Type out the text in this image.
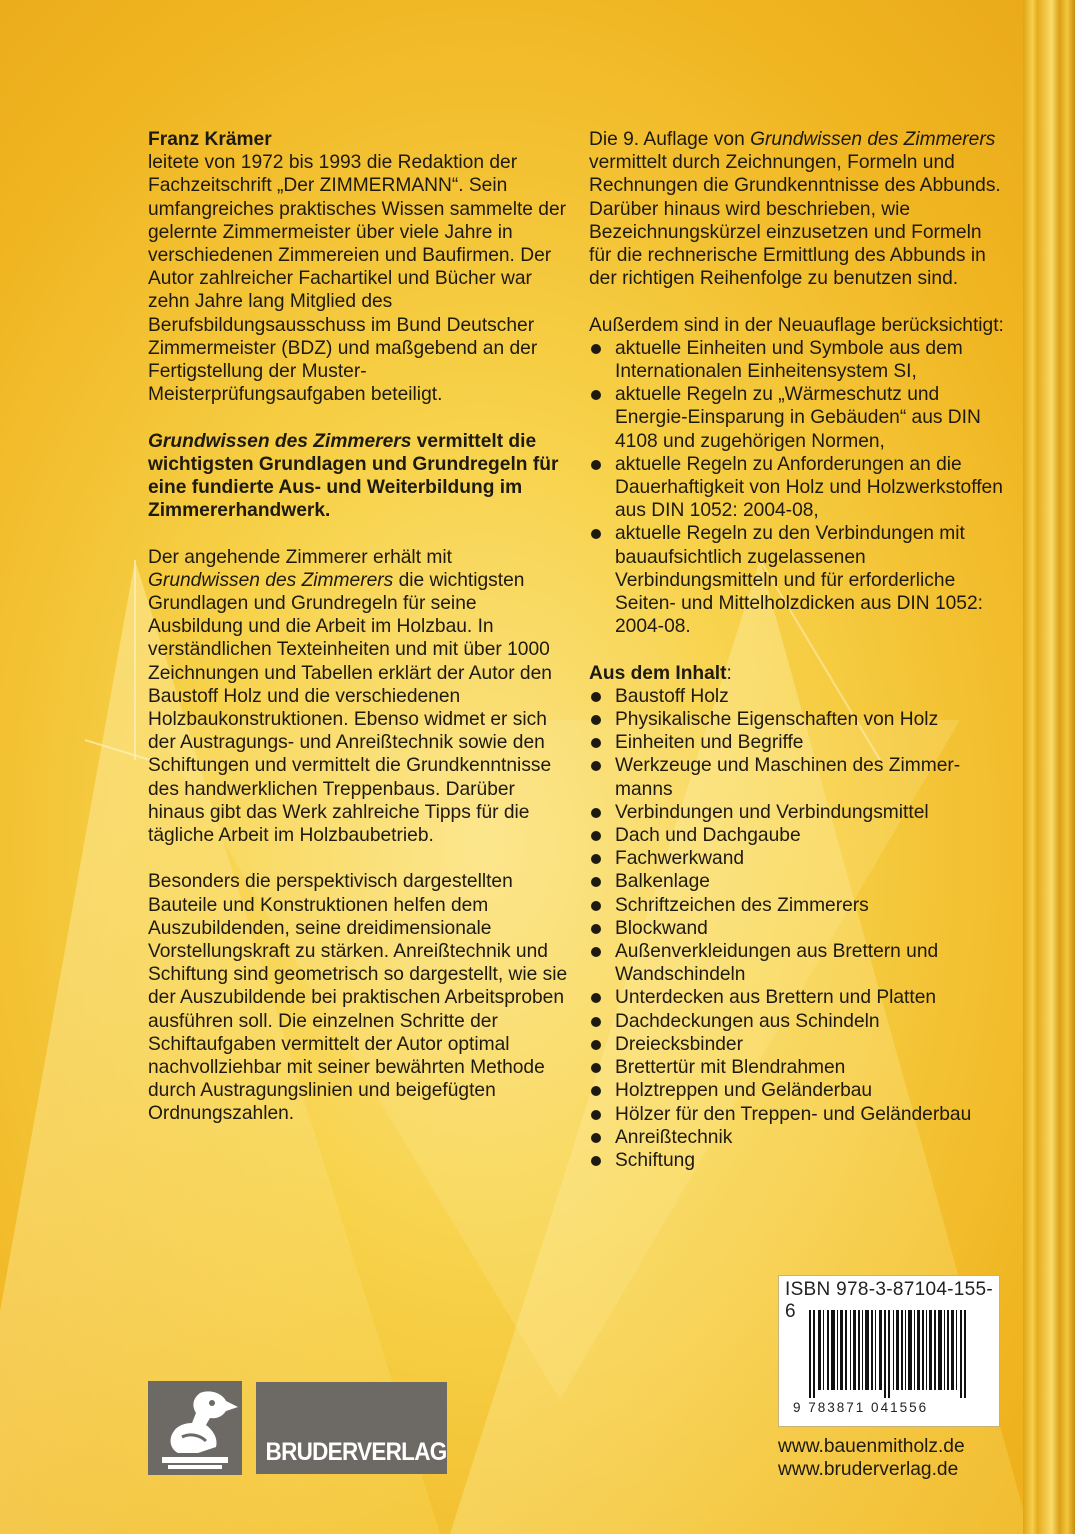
Franz Krämer

leitete von 1972 bis 1993 die Redaktion der Fachzeitschrift „Der ZIMMERMANN“. Sein umfangreiches praktisches Wissen sammelte der gelernte Zimmermeister über viele Jahre in verschiedenen Zimmereien und Baufirmen. Der Autor zahlreicher Fachartikel und Bücher war zehn Jahre lang Mitglied des Berufsbildungsausschuss im Bund Deutscher Zimmermeister (BDZ) und maßgebend an der Fertigstellung der Muster-Meisterprüfungsaufgaben beteiligt.

Grundwissen des Zimmerers vermittelt die wichtigsten Grundlagen und Grundregeln für eine fundierte Aus- und Weiterbildung im Zimmererhandwerk.

Der angehende Zimmerer erhält mit Grundwissen des Zimmerers die wichtigsten Grundlagen und Grundregeln für seine Ausbildung und die Arbeit im Holzbau. In verständlichen Texteinheiten und mit über 1000 Zeichnungen und Tabellen erklärt der Autor den Baustoff Holz und die verschiedenen Holzbaukonstruktionen. Ebenso widmet er sich der Austragungs- und Anreißtechnik sowie den Schiftungen und vermittelt die Grundkenntnisse des handwerklichen Treppenbaus. Darüber hinaus gibt das Werk zahlreiche Tipps für die tägliche Arbeit im Holzbaubetrieb.

Besonders die perspektivisch dargestellten Bauteile und Konstruktionen helfen dem Auszubildenden, seine dreidimensionale Vorstellungskraft zu stärken. Anreißtechnik und Schiftung sind geometrisch so dargestellt, wie sie der Auszubildende bei praktischen Arbeitsproben ausführen soll. Die einzelnen Schritte der Schiftaufgaben vermittelt der Autor optimal nachvollziehbar mit seiner bewährten Methode durch Austragungslinien und beigefügten Ordnungszahlen.

Die 9. Auflage von Grundwissen des Zimmerers vermittelt durch Zeichnungen, Formeln und Rechnungen die Grundkenntnisse des Abbunds. Darüber hinaus wird beschrieben, wie Bezeichnungskürzel einzusetzen und Formeln für die rechnerische Ermittlung des Abbunds in der richtigen Reihenfolge zu benutzen sind.

Außerdem sind in der Neuauflage berücksichtigt:

aktuelle Einheiten und Symbole aus dem Internationalen Einheitensystem SI,
aktuelle Regeln zu „Wärmeschutz und Energie-Einsparung in Gebäuden“ aus DIN 4108 und zugehörigen Normen,
aktuelle Regeln zu Anforderungen an die Dauerhaftigkeit von Holz und Holzwerkstoffen aus DIN 1052: 2004-08,
aktuelle Regeln zu den Verbindungen mit bauaufsichtlich zugelassenen Verbindungsmitteln und für erforderliche Seiten- und Mittelholzdicken aus DIN 1052: 2004-08.

Aus dem Inhalt:

Baustoff Holz
Physikalische Eigenschaften von Holz
Einheiten und Begriffe
Werkzeuge und Maschinen des Zimmermanns
Verbindungen und Verbindungsmittel
Dach und Dachgaube
Fachwerkwand
Balkenlage
Schriftzeichen des Zimmerers
Blockwand
Außenverkleidungen aus Brettern und Wandschindeln
Unterdecken aus Brettern und Platten
Dachdeckungen aus Schindeln
Dreiecksbinder
Brettertür mit Blendrahmen
Holztreppen und Geländerbau
Hölzer für den Treppen- und Geländerbau
Anreißtechnik
Schiftung
ISBN 978-3-87104-155-6
9 783871 041556
BRUDERVERLAG	www.bauenmitholz.de
www.bruderverlag.de
